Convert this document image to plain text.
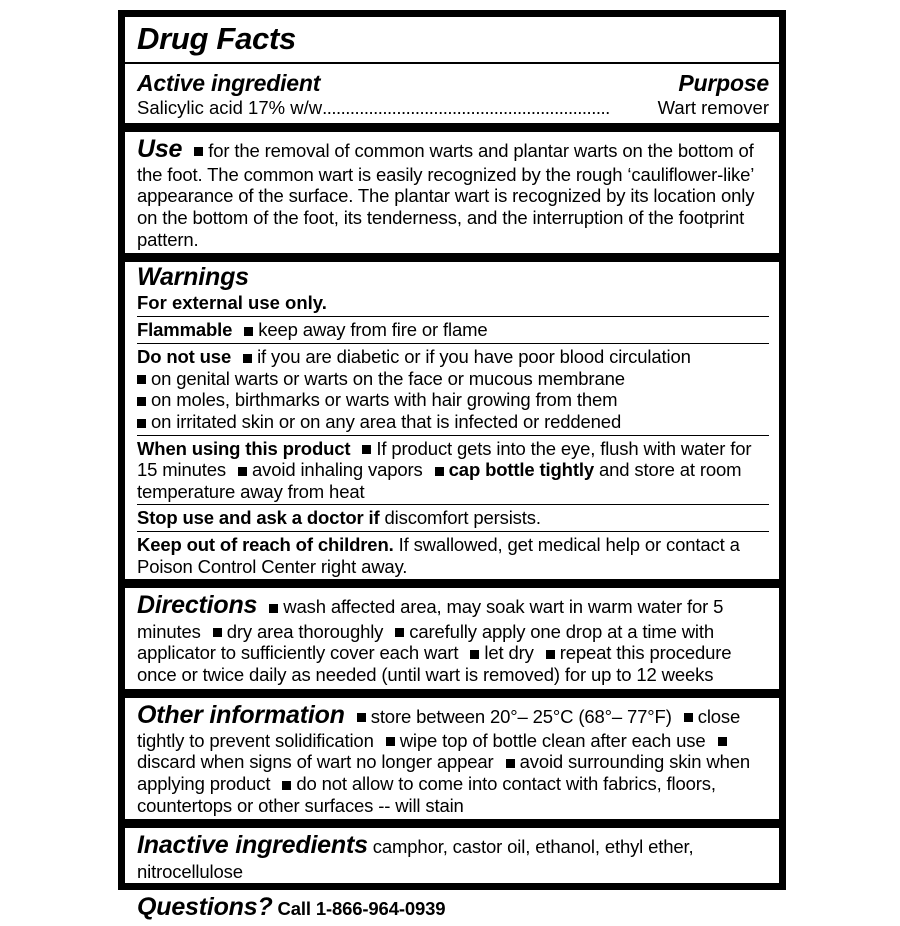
Drug Facts
Active ingredient	Purpose
Salicylic acid 17% w/w ..............................................................	Wart remover
Use for the removal of common warts and plantar warts on the bottom of the foot. The common wart is easily recognized by the rough ‘cauliflower-like’ appearance of the surface. The plantar wart is recognized by its location only on the bottom of the foot, its tenderness, and the interruption of the footprint pattern.
Warnings
For external use only.
Flammable keep away from fire or flame
Do not use if you are diabetic or if you have poor blood circulation
on genital warts or warts on the face or mucous membrane
on moles, birthmarks or warts with hair growing from them
on irritated skin or on any area that is infected or reddened
When using this product If product gets into the eye, flush with water for 15 minutes avoid inhaling vapors cap bottle tightly and store at room temperature away from heat
Stop use and ask a doctor if discomfort persists.
Keep out of reach of children. If swallowed, get medical help or contact a Poison Control Center right away.
Directions wash affected area, may soak wart in warm water for 5 minutes dry area thoroughly carefully apply one drop at a time with applicator to sufficiently cover each wart let dry repeat this procedure once or twice daily as needed (until wart is removed) for up to 12 weeks
Other information store between 20°– 25°C (68°– 77°F) close tightly to prevent solidification wipe top of bottle clean after each use discard when signs of wart no longer appear avoid surrounding skin when applying product do not allow to come into contact with fabrics, floors, countertops or other surfaces -- will stain
Inactive ingredients camphor, castor oil, ethanol, ethyl ether, nitrocellulose
Questions? Call 1-866-964-0939
